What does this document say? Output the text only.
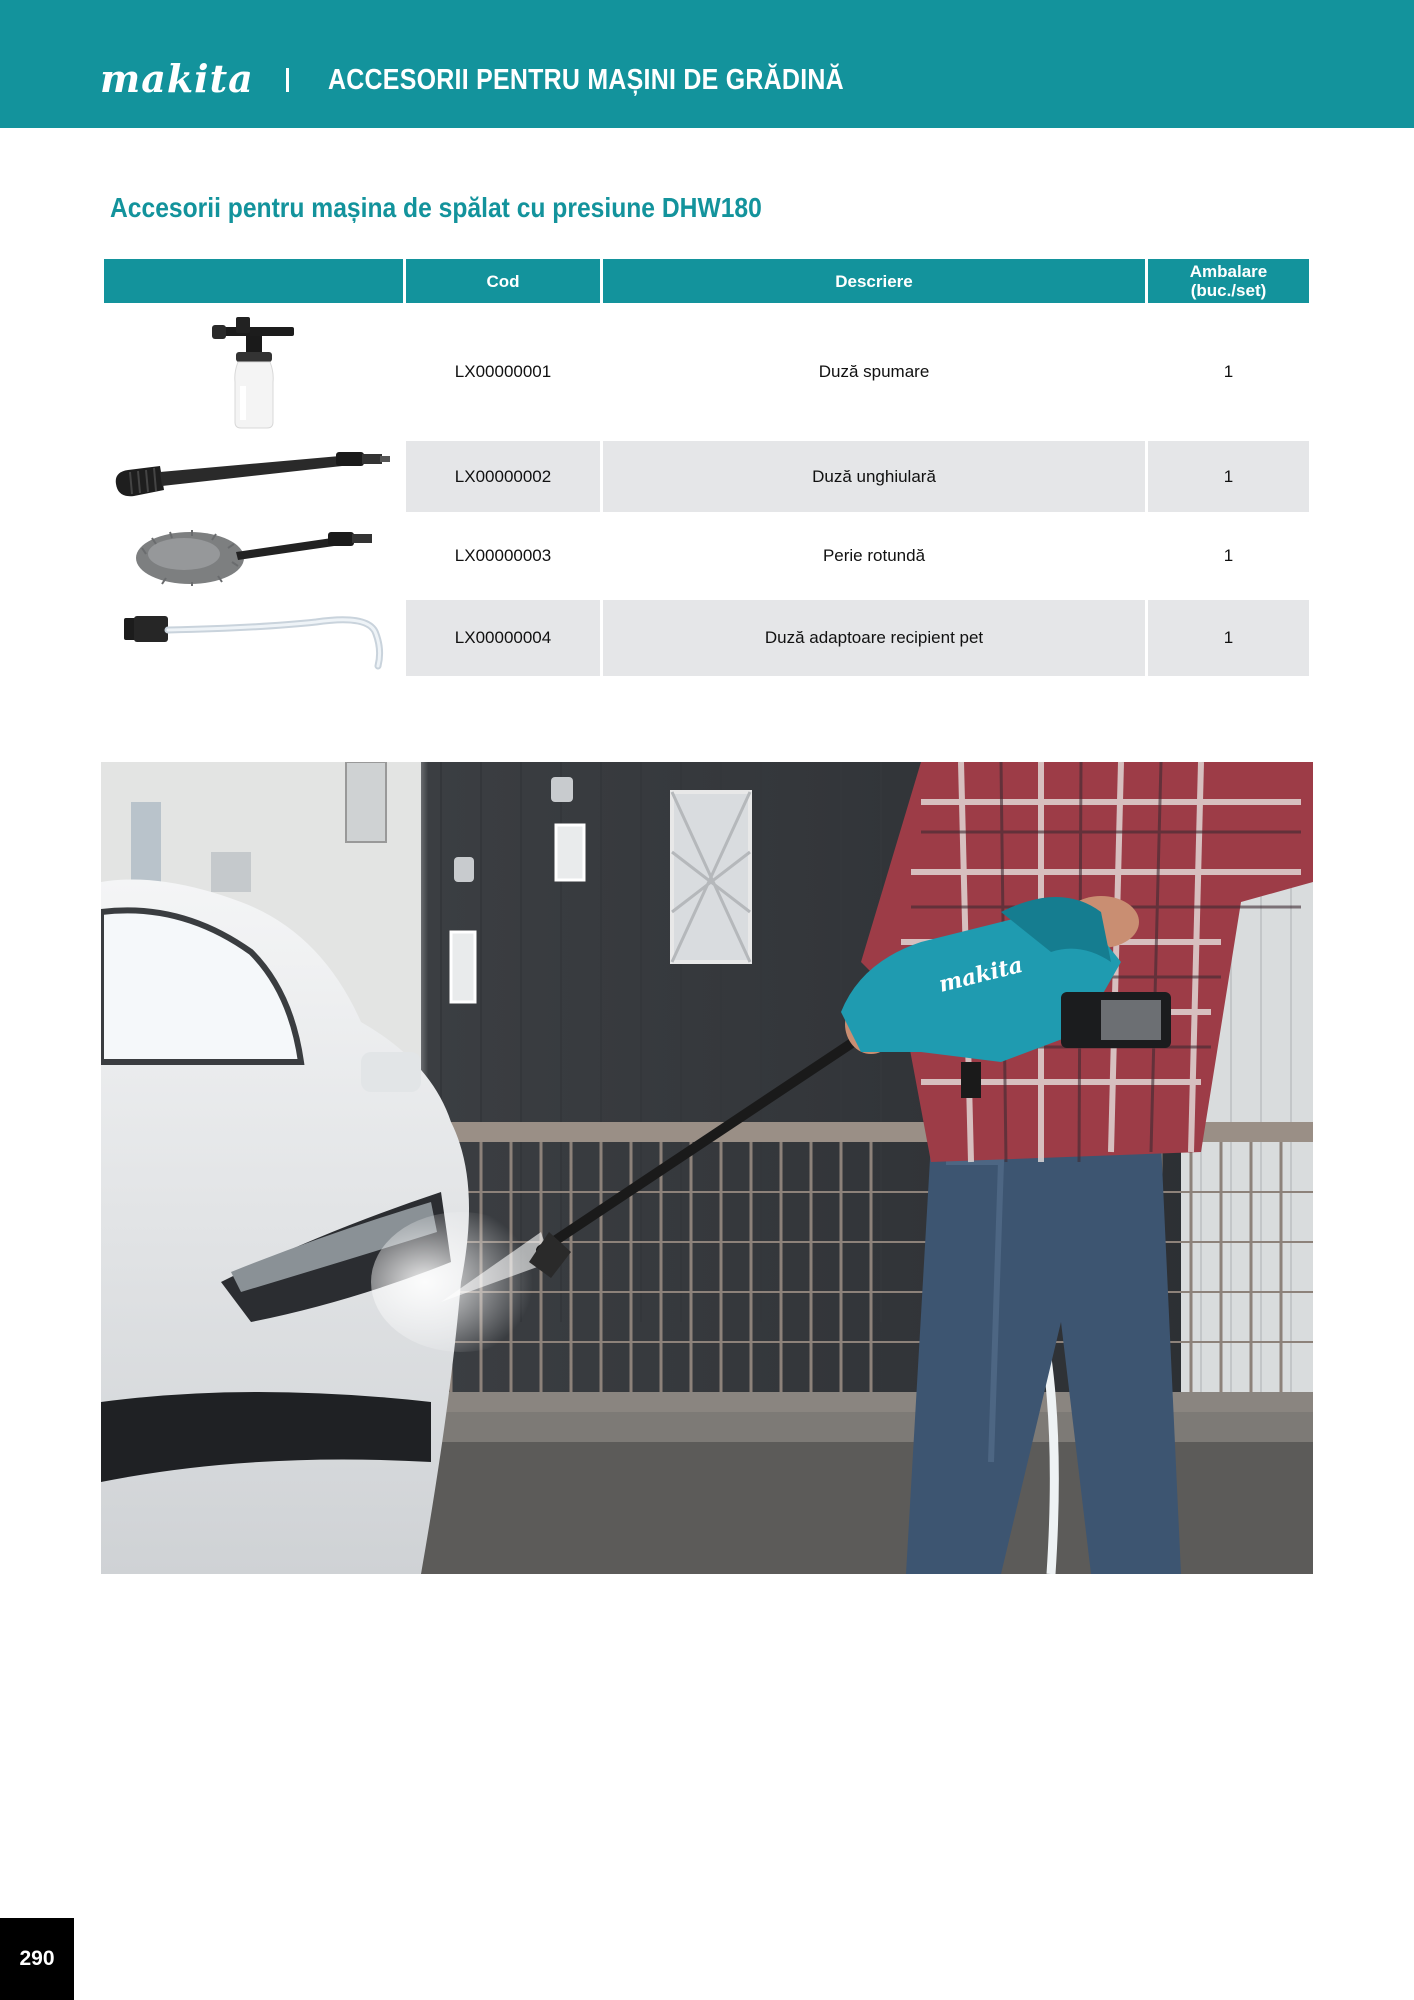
makita	ACCESORII PENTRU MAȘINI DE GRĂDINĂ
Accesorii pentru mașina de spălat cu presiune DHW180
Cod	Descriere	Ambalare
(buc./set)
LX00000001	Duză spumare	1
LX00000002	Duză unghiulară	1
LX00000003	Perie rotundă	1
LX00000004	Duză adaptoare recipient pet	1
makita
290
